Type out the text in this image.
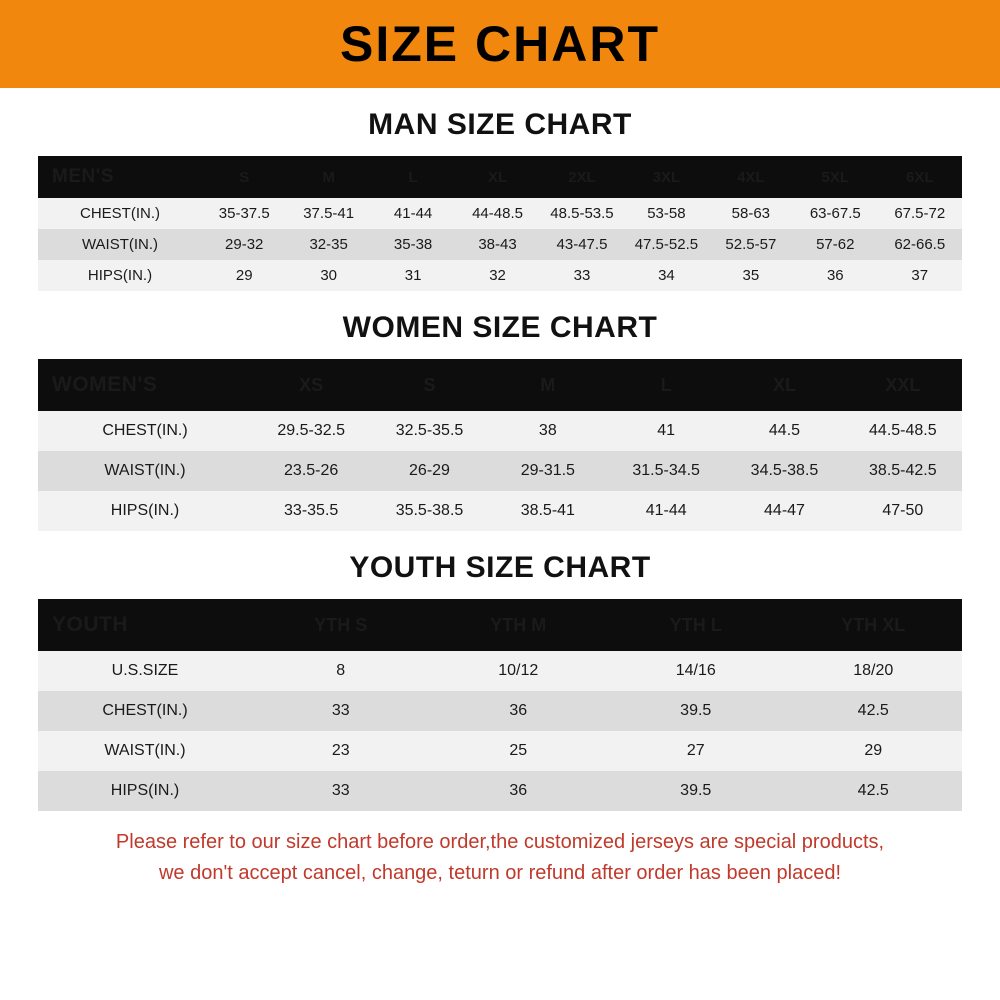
SIZE CHART
MAN SIZE CHART
MEN'S	S	M	L	XL	2XL	3XL	4XL	5XL	6XL
CHEST(IN.)	35-37.5	37.5-41	41-44	44-48.5	48.5-53.5	53-58	58-63	63-67.5	67.5-72
WAIST(IN.)	29-32	32-35	35-38	38-43	43-47.5	47.5-52.5	52.5-57	57-62	62-66.5
HIPS(IN.)	29	30	31	32	33	34	35	36	37
WOMEN SIZE CHART
WOMEN'S	XS	S	M	L	XL	XXL
CHEST(IN.)	29.5-32.5	32.5-35.5	38	41	44.5	44.5-48.5
WAIST(IN.)	23.5-26	26-29	29-31.5	31.5-34.5	34.5-38.5	38.5-42.5
HIPS(IN.)	33-35.5	35.5-38.5	38.5-41	41-44	44-47	47-50
YOUTH SIZE CHART
YOUTH	YTH S	YTH M	YTH L	YTH XL
U.S.SIZE	8	10/12	14/16	18/20
CHEST(IN.)	33	36	39.5	42.5
WAIST(IN.)	23	25	27	29
HIPS(IN.)	33	36	39.5	42.5
Please refer to our size chart before order,the customized jerseys are special products,
we don't accept cancel, change, teturn or refund after order has been placed!
